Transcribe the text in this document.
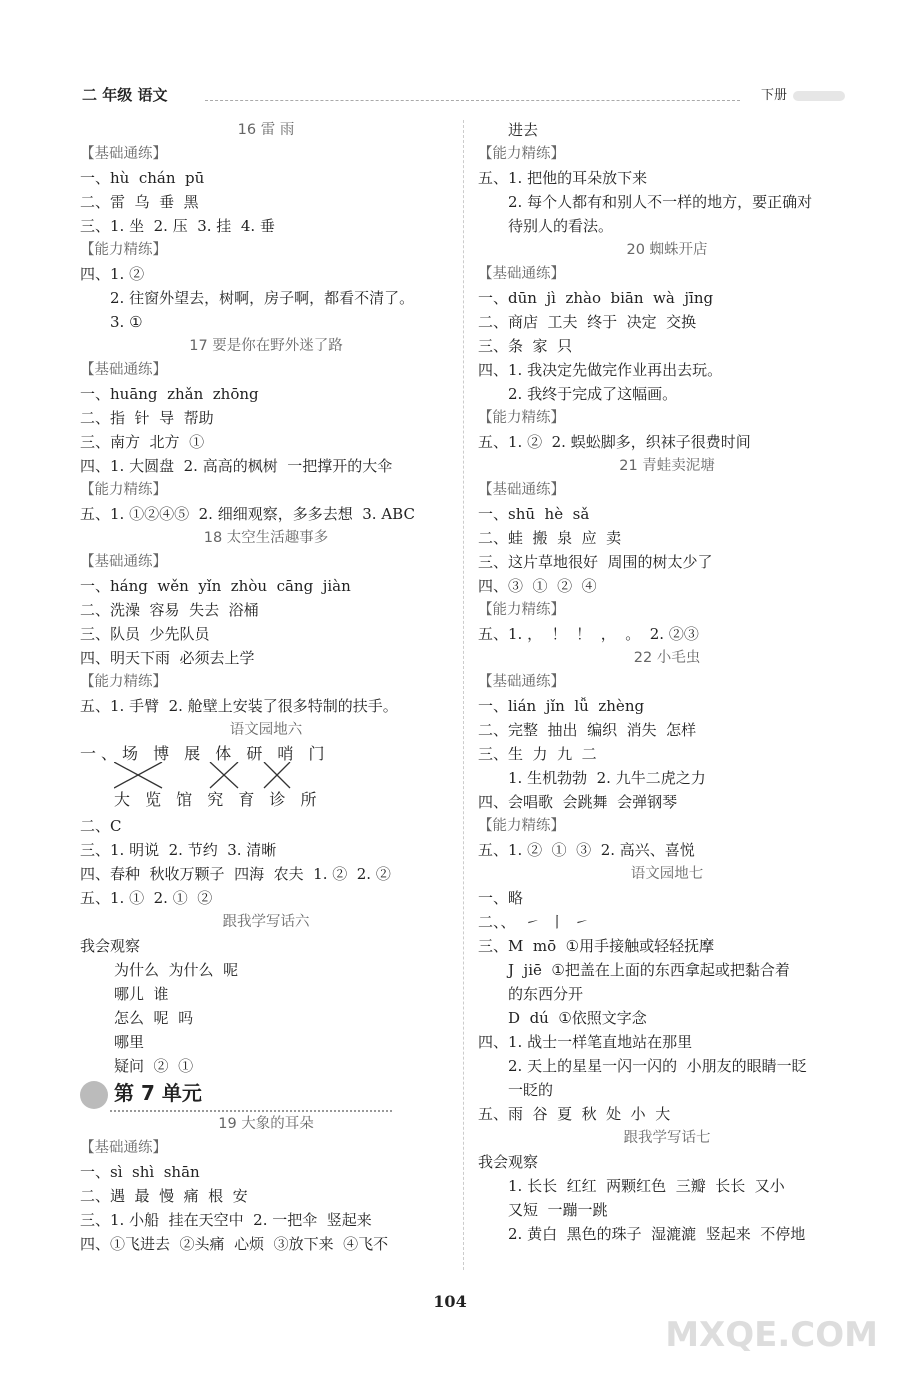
二 年级 语文	下册
16 雷 雨
【基础通练】
一、hù  chán  pū
二、雷  乌  垂  黑
三、1. 坐  2. 压  3. 挂  4. 垂
【能力精练】
四、1. ②
2. 往窗外望去，树啊，房子啊，都看不清了。
3. ①
17 要是你在野外迷了路
【基础通练】
一、huāng  zhǎn  zhōng
二、指  针  导  帮助
三、南方  北方  ①
四、1. 大圆盘  2. 高高的枫树  一把撑开的大伞
【能力精练】
五、1. ①②④⑤  2. 细细观察，多多去想  3. ABC
18 太空生活趣事多
【基础通练】
一、háng  wěn  yǐn  zhòu  cāng  jiàn
二、洗澡  容易  失去  浴桶
三、队员  少先队员
四、明天下雨  必须去上学
【能力精练】
五、1. 手臂  2. 舱壁上安装了很多特制的扶手。
语文园地六
一、场 博 展 体 研 哨 门
大 览 馆 究 育 诊 所
二、C
三、1. 明说  2. 节约  3. 清晰
四、春种  秋收万颗子  四海  农夫  1. ②  2. ②
五、1. ①  2. ①  ②
跟我学写话六
我会观察
为什么  为什么  呢
哪儿  谁
怎么  呢  吗
哪里
疑问  ②  ①
第 7 单元
19 大象的耳朵
【基础通练】
一、sì  shì  shān
二、遇  最  慢  痛  根  安
三、1. 小船  挂在天空中  2. 一把伞  竖起来
四、①飞进去  ②头痛  心烦  ③放下来  ④飞不
进去
【能力精练】
五、1. 把他的耳朵放下来
2. 每个人都有和别人不一样的地方，要正确对
待别人的看法。
20 蜘蛛开店
【基础通练】
一、dūn  jì  zhào  biān  wà  jīng
二、商店  工夫  终于  决定  交换
三、条  家  只
四、1. 我决定先做完作业再出去玩。
2. 我终于完成了这幅画。
【能力精练】
五、1. ②  2. 蜈蚣脚多，织袜子很费时间
21 青蛙卖泥塘
【基础通练】
一、shū  hè  sǎ
二、蛙  搬  泉  应  卖
三、这片草地很好  周围的树太少了
四、③  ①  ②  ④
【能力精练】
五、1. ，  ！  ！  ，  。  2. ②③
22 小毛虫
【基础通练】
一、lián  jǐn  lǚ  zhèng
二、完整  抽出  编织  消失  怎样
三、生  力  九  二
1. 生机勃勃  2. 九牛二虎之力
四、会唱歌  会跳舞  会弹钢琴
【能力精练】
五、1. ②  ①  ③  2. 高兴、喜悦
语文园地七
一、略
二、、  ㇀  丨  ㇀
三、M  mō  ①用手接触或轻轻抚摩
J  jiē  ①把盖在上面的东西拿起或把黏合着
的东西分开
D  dú  ①依照文字念
四、1. 战士一样笔直地站在那里
2. 天上的星星一闪一闪的  小朋友的眼睛一眨
一眨的
五、雨  谷  夏  秋  处  小  大
跟我学写话七
我会观察
1. 长长  红红  两颗红色  三瓣  长长  又小
又短  一蹦一跳
2. 黄白  黑色的珠子  湿漉漉  竖起来  不停地
104
MXQE.COM
